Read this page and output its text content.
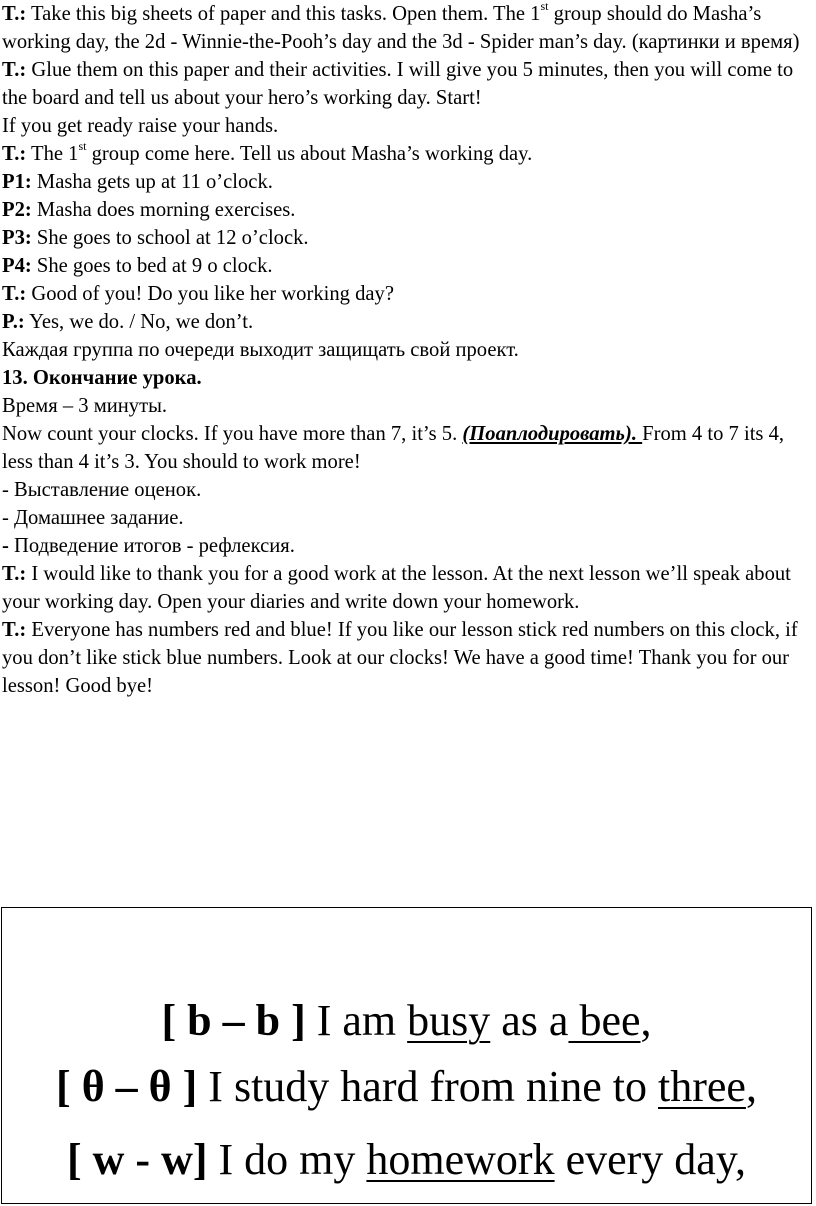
T.: Take this big sheets of paper and this tasks. Open them. The 1st group should do Masha’s working day, the 2d - Winnie-the-Pooh’s day and the 3d - Spider man’s day. (картинки и время)

T.: Glue them on this paper and their activities. I will give you 5 minutes, then you will come to the board and tell us about your hero’s working day. Start!

If you get ready raise your hands.

T.: The 1st group come here. Tell us about Masha’s working day.

P1: Masha gets up at 11 o’clock.

P2: Masha does morning exercises.

P3: She goes to school at 12 o’clock.

P4: She goes to bed at 9 o clock.

T.: Good of you! Do you like her working day?

P.: Yes, we do. / No, we don’t.

Каждая группа по очереди выходит защищать свой проект.

13. Окончание урока.

Время – 3 минуты.

Now count your clocks. If you have more than 7, it’s 5. (Поаплодировать). From 4 to 7 its 4, less than 4 it’s 3. You should to work more!

- Выставление оценок.

- Домашнее задание.

- Подведение итогов - рефлексия.

T.: I would like to thank you for a good work at the lesson. At the next lesson we’ll speak about your working day. Open your diaries and write down your homework.

T.: Everyone has numbers red and blue! If you like our lesson stick red numbers on this clock, if you don’t like stick blue numbers. Look at our clocks! We have a good time! Thank you for our lesson! Good bye!

[ b – b ] I am busy as a bee,
[ θ – θ ] I study hard from nine to three,
[ w - w] I do my homework every day,
